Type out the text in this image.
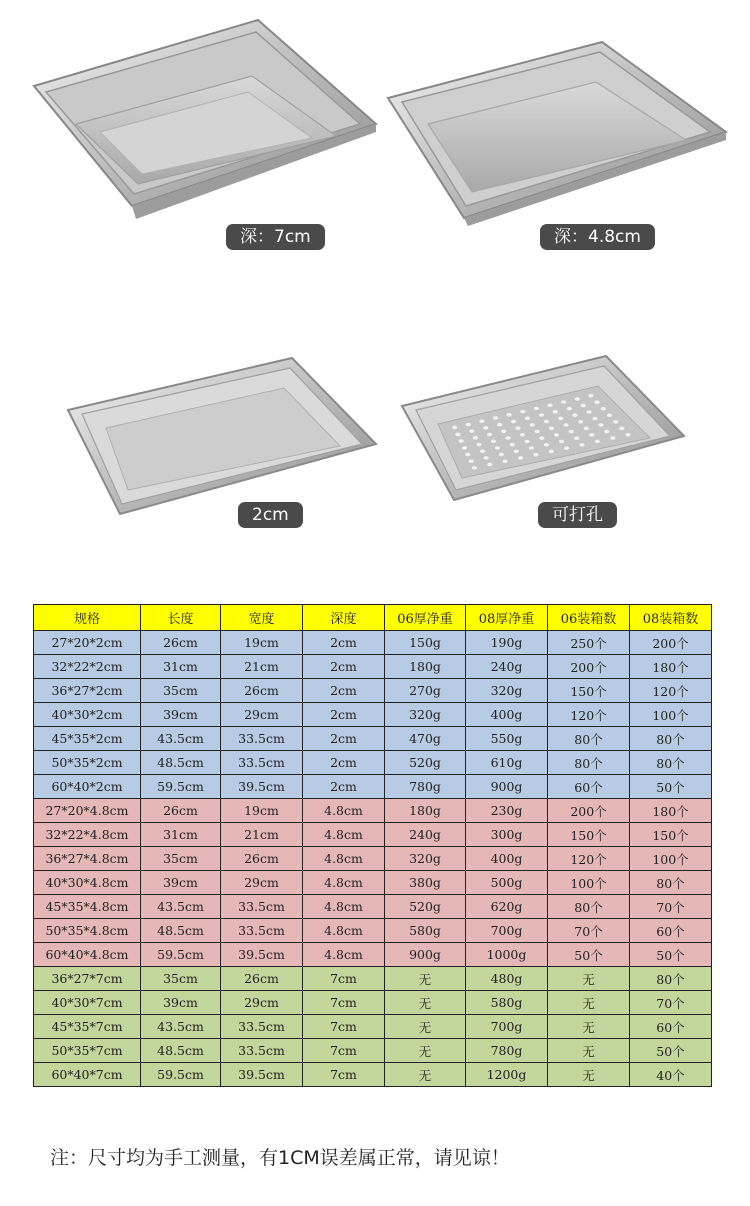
深：7cm	深：4.8cm
2cm	可打孔
规格	长度	宽度	深度	06厚净重	08厚净重	06装箱数	08装箱数
27*20*2cm	26cm	19cm	2cm	150g	190g	250个	200个
32*22*2cm	31cm	21cm	2cm	180g	240g	200个	180个
36*27*2cm	35cm	26cm	2cm	270g	320g	150个	120个
40*30*2cm	39cm	29cm	2cm	320g	400g	120个	100个
45*35*2cm	43.5cm	33.5cm	2cm	470g	550g	80个	80个
50*35*2cm	48.5cm	33.5cm	2cm	520g	610g	80个	80个
60*40*2cm	59.5cm	39.5cm	2cm	780g	900g	60个	50个
27*20*4.8cm	26cm	19cm	4.8cm	180g	230g	200个	180个
32*22*4.8cm	31cm	21cm	4.8cm	240g	300g	150个	150个
36*27*4.8cm	35cm	26cm	4.8cm	320g	400g	120个	100个
40*30*4.8cm	39cm	29cm	4.8cm	380g	500g	100个	80个
45*35*4.8cm	43.5cm	33.5cm	4.8cm	520g	620g	80个	70个
50*35*4.8cm	48.5cm	33.5cm	4.8cm	580g	700g	70个	60个
60*40*4.8cm	59.5cm	39.5cm	4.8cm	900g	1000g	50个	50个
36*27*7cm	35cm	26cm	7cm	无	480g	无	80个
40*30*7cm	39cm	29cm	7cm	无	580g	无	70个
45*35*7cm	43.5cm	33.5cm	7cm	无	700g	无	60个
50*35*7cm	48.5cm	33.5cm	7cm	无	780g	无	50个
60*40*7cm	59.5cm	39.5cm	7cm	无	1200g	无	40个
注：尺寸均为手工测量，有1CM误差属正常，请见谅！
